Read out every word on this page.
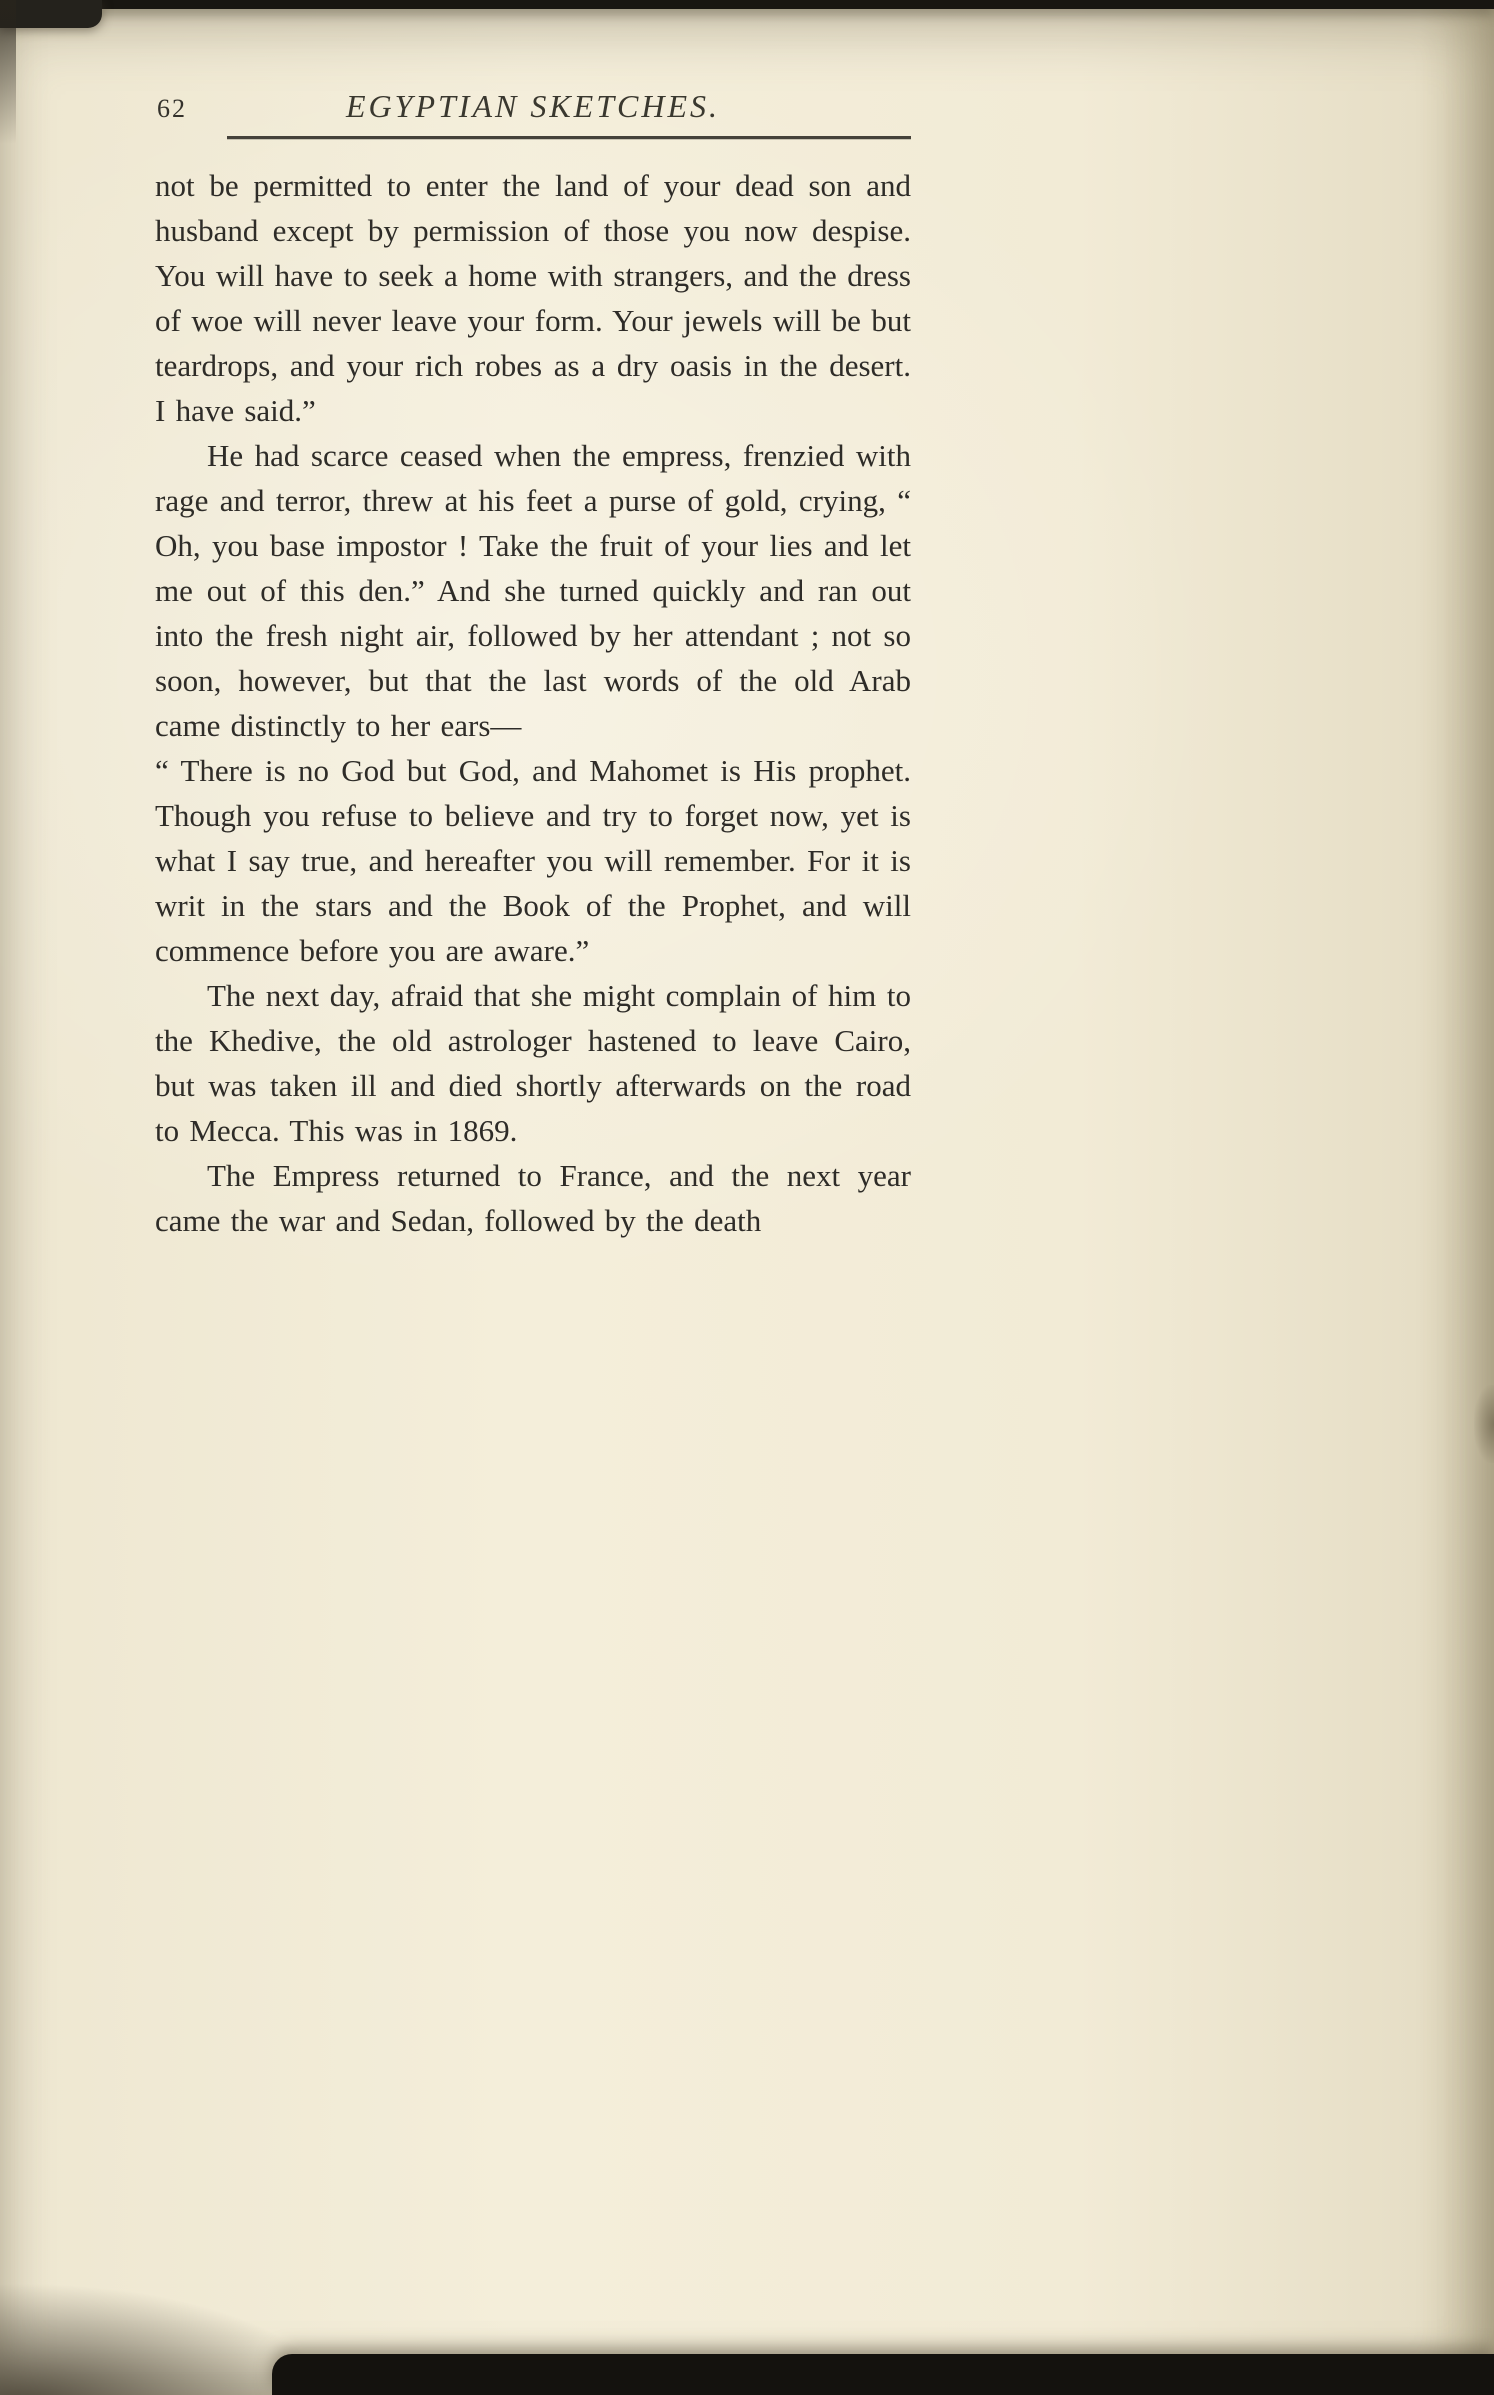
62	EGYPTIAN SKETCHES.

not be permitted to enter the land of your dead son and husband except by permission of those you now despise. You will have to seek a home with strangers, and the dress of woe will never leave your form. Your jewels will be but teardrops, and your rich robes as a dry oasis in the desert. I have said.”

He had scarce ceased when the empress, frenzied with rage and terror, threw at his feet a purse of gold, crying, “ Oh, you base impostor ! Take the fruit of your lies and let me out of this den.” And she turned quickly and ran out into the fresh night air, followed by her attendant ; not so soon, however, but that the last words of the old Arab came distinctly to her ears—

“ There is no God but God, and Mahomet is His prophet. Though you refuse to believe and try to forget now, yet is what I say true, and hereafter you will remember. For it is writ in the stars and the Book of the Prophet, and will commence before you are aware.”

The next day, afraid that she might complain of him to the Khedive, the old astrologer hastened to leave Cairo, but was taken ill and died shortly afterwards on the road to Mecca. This was in 1869.

The Empress returned to France, and the next year came the war and Sedan, followed by the death
